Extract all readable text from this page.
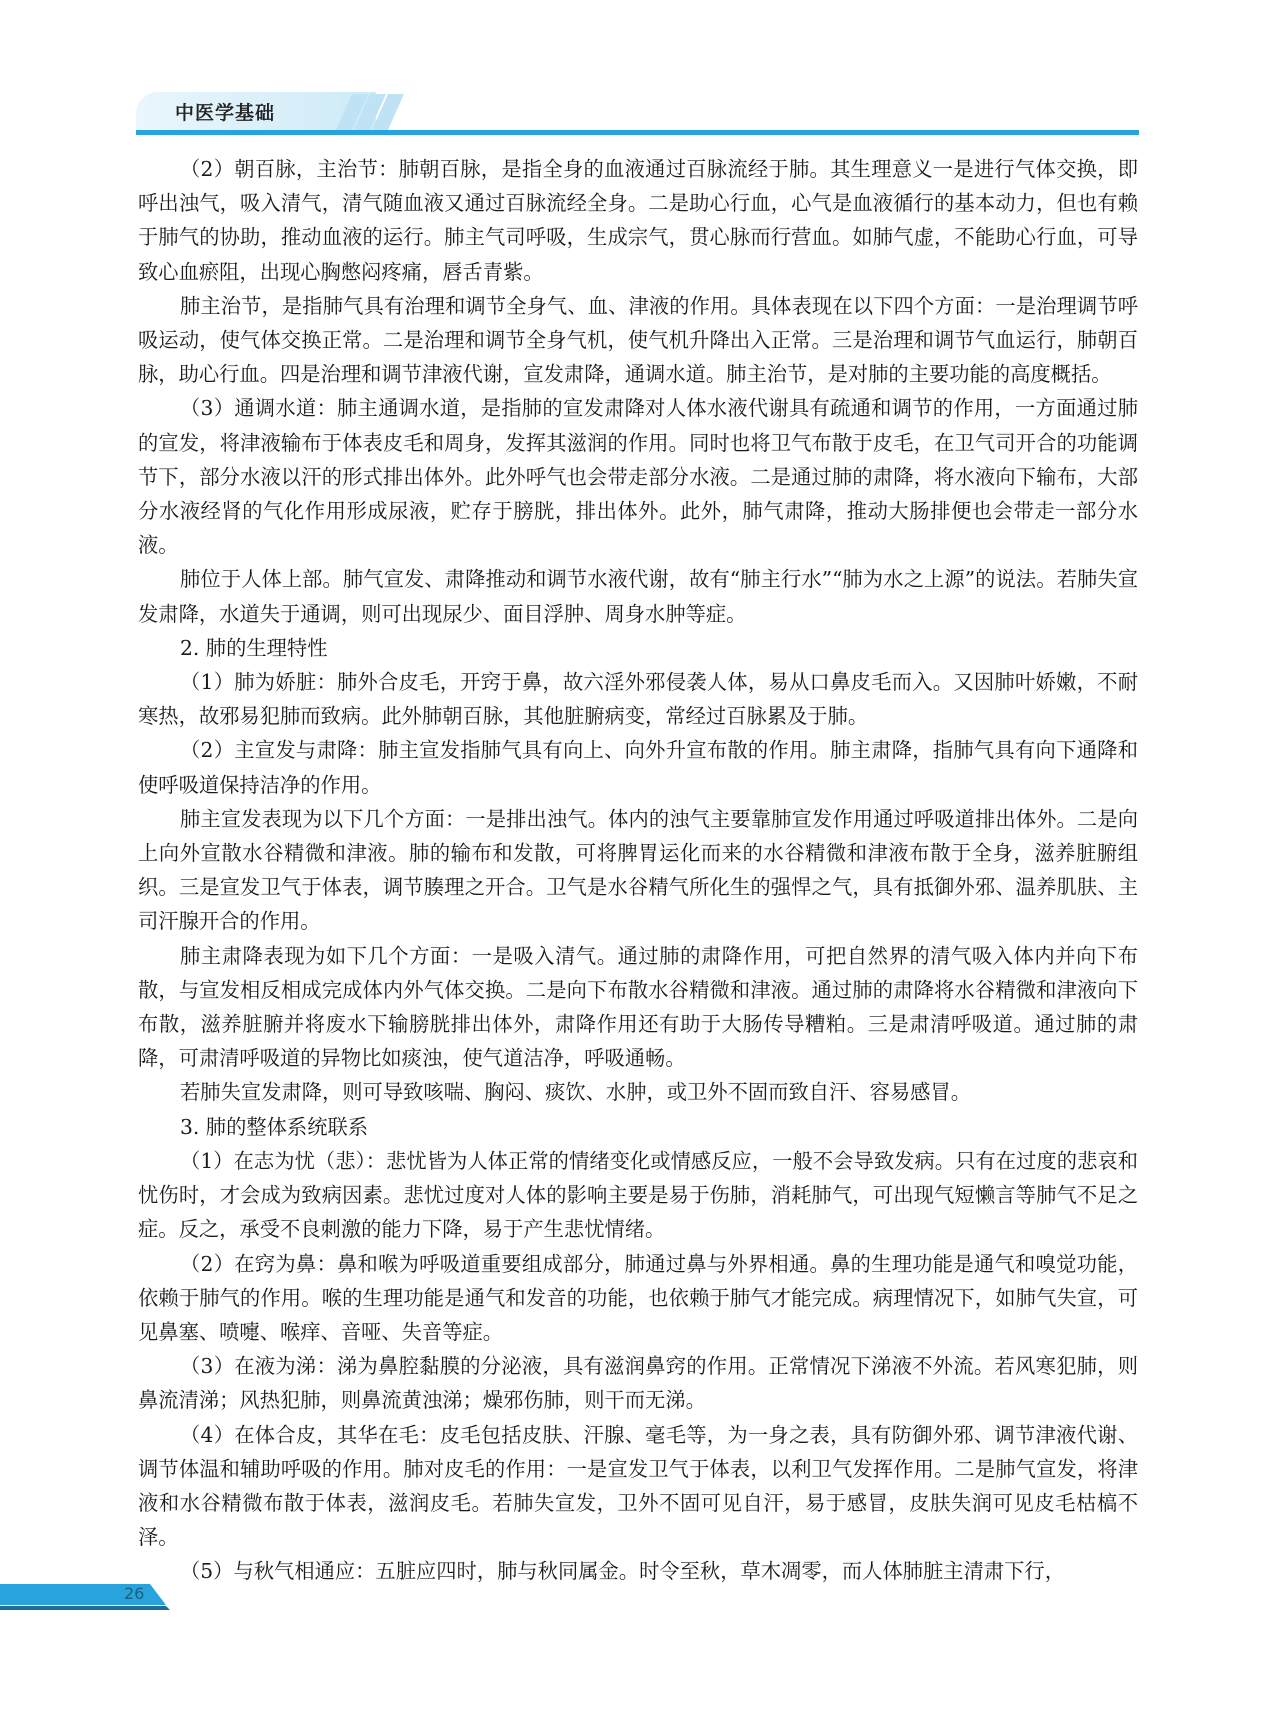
中医学基础

（2）朝百脉，主治节：肺朝百脉，是指全身的血液通过百脉流经于肺。其生理意义一是进行气体交换，即呼出浊气，吸入清气，清气随血液又通过百脉流经全身。二是助心行血，心气是血液循行的基本动力，但也有赖于肺气的协助，推动血液的运行。肺主气司呼吸，生成宗气，贯心脉而行营血。如肺气虚，不能助心行血，可导致心血瘀阻，出现心胸憋闷疼痛，唇舌青紫。

肺主治节，是指肺气具有治理和调节全身气、血、津液的作用。具体表现在以下四个方面：一是治理调节呼吸运动，使气体交换正常。二是治理和调节全身气机，使气机升降出入正常。三是治理和调节气血运行，肺朝百脉，助心行血。四是治理和调节津液代谢，宣发肃降，通调水道。肺主治节，是对肺的主要功能的高度概括。

（3）通调水道：肺主通调水道，是指肺的宣发肃降对人体水液代谢具有疏通和调节的作用，一方面通过肺的宣发，将津液输布于体表皮毛和周身，发挥其滋润的作用。同时也将卫气布散于皮毛，在卫气司开合的功能调节下，部分水液以汗的形式排出体外。此外呼气也会带走部分水液。二是通过肺的肃降，将水液向下输布，大部分水液经肾的气化作用形成尿液，贮存于膀胱，排出体外。此外，肺气肃降，推动大肠排便也会带走一部分水液。

肺位于人体上部。肺气宣发、肃降推动和调节水液代谢，故有“肺主行水”“肺为水之上源”的说法。若肺失宣发肃降，水道失于通调，则可出现尿少、面目浮肿、周身水肿等症。

2. 肺的生理特性

（1）肺为娇脏：肺外合皮毛，开窍于鼻，故六淫外邪侵袭人体，易从口鼻皮毛而入。又因肺叶娇嫩，不耐寒热，故邪易犯肺而致病。此外肺朝百脉，其他脏腑病变，常经过百脉累及于肺。

（2）主宣发与肃降：肺主宣发指肺气具有向上、向外升宣布散的作用。肺主肃降，指肺气具有向下通降和使呼吸道保持洁净的作用。

肺主宣发表现为以下几个方面：一是排出浊气。体内的浊气主要靠肺宣发作用通过呼吸道排出体外。二是向上向外宣散水谷精微和津液。肺的输布和发散，可将脾胃运化而来的水谷精微和津液布散于全身，滋养脏腑组织。三是宣发卫气于体表，调节腠理之开合。卫气是水谷精气所化生的强悍之气，具有抵御外邪、温养肌肤、主司汗腺开合的作用。

肺主肃降表现为如下几个方面：一是吸入清气。通过肺的肃降作用，可把自然界的清气吸入体内并向下布散，与宣发相反相成完成体内外气体交换。二是向下布散水谷精微和津液。通过肺的肃降将水谷精微和津液向下布散，滋养脏腑并将废水下输膀胱排出体外，肃降作用还有助于大肠传导糟粕。三是肃清呼吸道。通过肺的肃降，可肃清呼吸道的异物比如痰浊，使气道洁净，呼吸通畅。

若肺失宣发肃降，则可导致咳喘、胸闷、痰饮、水肿，或卫外不固而致自汗、容易感冒。

3. 肺的整体系统联系

（1）在志为忧（悲）：悲忧皆为人体正常的情绪变化或情感反应，一般不会导致发病。只有在过度的悲哀和忧伤时，才会成为致病因素。悲忧过度对人体的影响主要是易于伤肺，消耗肺气，可出现气短懒言等肺气不足之症。反之，承受不良刺激的能力下降，易于产生悲忧情绪。

（2）在窍为鼻：鼻和喉为呼吸道重要组成部分，肺通过鼻与外界相通。鼻的生理功能是通气和嗅觉功能，依赖于肺气的作用。喉的生理功能是通气和发音的功能，也依赖于肺气才能完成。病理情况下，如肺气失宣，可见鼻塞、喷嚏、喉痒、音哑、失音等症。

（3）在液为涕：涕为鼻腔黏膜的分泌液，具有滋润鼻窍的作用。正常情况下涕液不外流。若风寒犯肺，则鼻流清涕；风热犯肺，则鼻流黄浊涕；燥邪伤肺，则干而无涕。

（4）在体合皮，其华在毛：皮毛包括皮肤、汗腺、毫毛等，为一身之表，具有防御外邪、调节津液代谢、调节体温和辅助呼吸的作用。肺对皮毛的作用：一是宣发卫气于体表，以利卫气发挥作用。二是肺气宣发，将津液和水谷精微布散于体表，滋润皮毛。若肺失宣发，卫外不固可见自汗，易于感冒，皮肤失润可见皮毛枯槁不泽。

（5）与秋气相通应：五脏应四时，肺与秋同属金。时令至秋，草木凋零，而人体肺脏主清肃下行，

26
